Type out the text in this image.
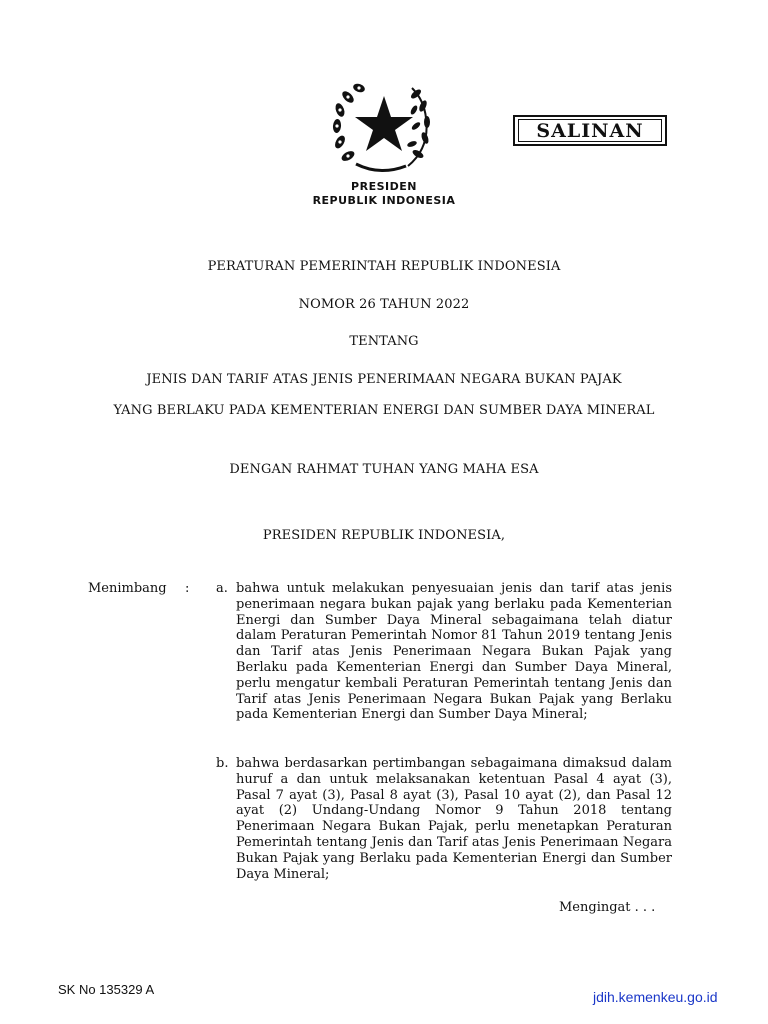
SALINAN
PRESIDEN
REPUBLIK INDONESIA
PERATURAN PEMERINTAH REPUBLIK INDONESIA
NOMOR 26 TAHUN 2022
TENTANG
JENIS DAN TARIF ATAS JENIS PENERIMAAN NEGARA BUKAN PAJAK
YANG BERLAKU PADA KEMENTERIAN ENERGI DAN SUMBER DAYA MINERAL
DENGAN RAHMAT TUHAN YANG MAHA ESA
PRESIDEN REPUBLIK INDONESIA,
Menimbang : a. bahwa untuk melakukan penyesuaian jenis dan tarif atas jenis penerimaan negara bukan pajak yang berlaku pada Kementerian Energi dan Sumber Daya Mineral sebagaimana telah diatur dalam Peraturan Pemerintah Nomor 81 Tahun 2019 tentang Jenis dan Tarif atas Jenis Penerimaan Negara Bukan Pajak yang Berlaku pada Kementerian Energi dan Sumber Daya Mineral, perlu mengatur kembali Peraturan Pemerintah tentang Jenis dan Tarif atas Jenis Penerimaan Negara Bukan Pajak yang Berlaku pada Kementerian Energi dan Sumber Daya Mineral;
b. bahwa berdasarkan pertimbangan sebagaimana dimaksud dalam huruf a dan untuk melaksanakan ketentuan Pasal 4 ayat (3), Pasal 7 ayat (3), Pasal 8 ayat (3), Pasal 10 ayat (2), dan Pasal 12 ayat (2) Undang-Undang Nomor 9 Tahun 2018 tentang Penerimaan Negara Bukan Pajak, perlu menetapkan Peraturan Pemerintah tentang Jenis dan Tarif atas Jenis Penerimaan Negara Bukan Pajak yang Berlaku pada Kementerian Energi dan Sumber Daya Mineral;
Mengingat . . .
SK No 135329 A	jdih.kemenkeu.go.id
